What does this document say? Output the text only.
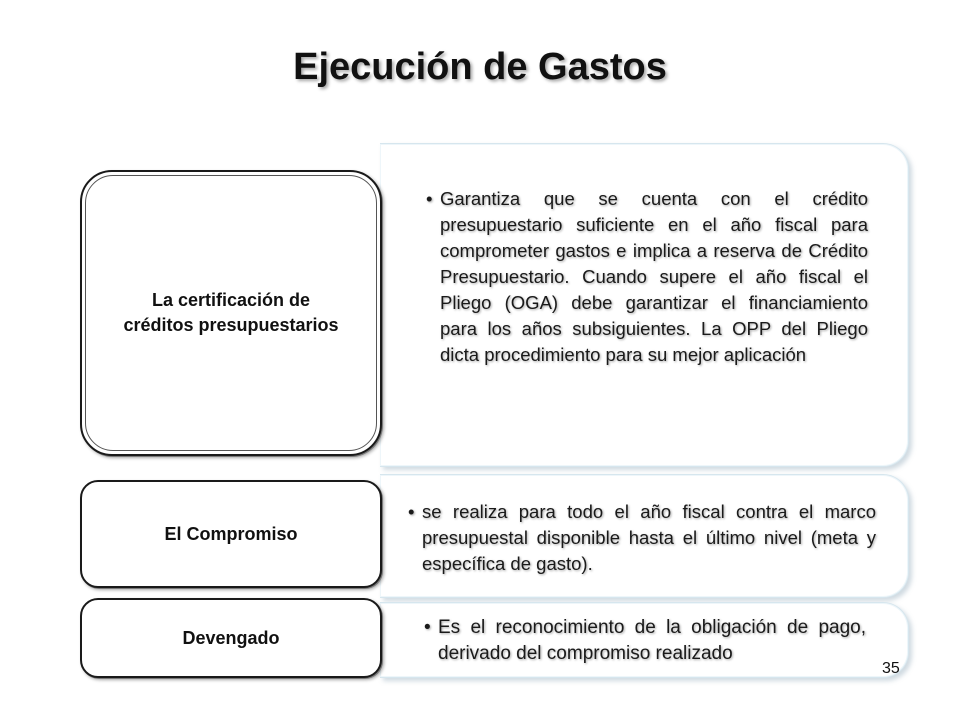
Ejecución de Gastos
• Garantiza que se cuenta con el crédito presupuestario suficiente en el año fiscal para comprometer gastos e implica a reserva de Crédito Presupuestario. Cuando supere el año fiscal el Pliego (OGA) debe garantizar el financiamiento para los años subsiguientes. La OPP del Pliego dicta procedimiento para su mejor aplicación
La certificación de créditos presupuestarios
• se realiza para todo el año fiscal contra el marco presupuestal disponible hasta el último nivel (meta y específica de gasto).
El Compromiso
• Es el reconocimiento de la obligación de pago, derivado del compromiso realizado
Devengado
35
